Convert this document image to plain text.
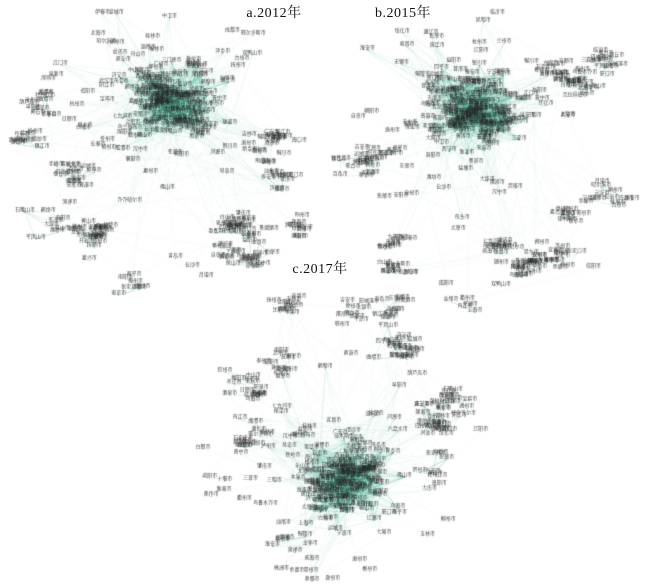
a.2012年	b.2015年
c.2017年
